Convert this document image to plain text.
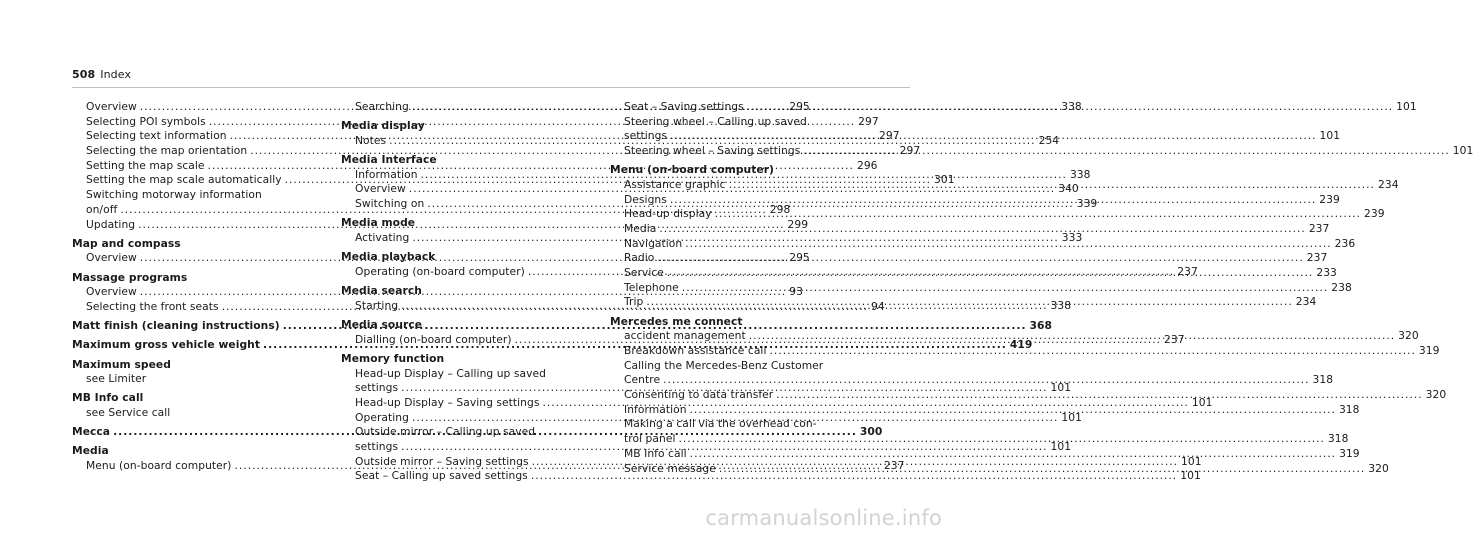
508 Index
Overview .....	295
Selecting POI symbols .....	297
Selecting text information .....	297
Selecting the map orientation .....	297
Setting the map scale .....	296
Setting the map scale automatically .....	301
Switching motorway information
on/off .....	298
Updating .....	299
Map and compass
Overview .....	295
Massage programs
Overview .....	93
Selecting the front seats .....	94
Matt finish (cleaning instructions) .....	368
Maximum gross vehicle weight .....	419
Maximum speed
see Limiter
MB Info call
see Service call
Mecca .....	300
Media
Menu (on-board computer) .....	237
Searching .....	338
Media display
Notes .....	254
Media Interface
Information .....	338
Overview .....	340
Switching on .....	339
Media mode
Activating .....	333
Media playback
Operating (on-board computer) .....	237
Media search
Starting .....	338
Media source
Dialling (on-board computer) .....	237
Memory function
Head-up Display – Calling up saved
settings .....	101
Head-up Display – Saving settings .....	101
Operating .....	101
Outside mirror – Calling up saved
settings .....	101
Outside mirror – Saving settings .....	101
Seat – Calling up saved settings .....	101
Seat – Saving settings .....	101
Steering wheel – Calling up saved
settings .....	101
Steering wheel – Saving settings .....	101
Menu (on-board computer)
Assistance graphic .....	234
Designs .....	239
Head-up display .....	239
Media .....	237
Navigation .....	236
Radio .....	237
Service .....	233
Telephone .....	238
Trip .....	234
Mercedes me connect
accident management .....	320
Breakdown assistance call .....	319
Calling the Mercedes-Benz Customer
Centre .....	318
Consenting to data transfer .....	320
Information .....	318
Making a call via the overhead con-
trol panel .....	318
MB Info call .....	319
Service message .....	320
carmanualsonline.info
